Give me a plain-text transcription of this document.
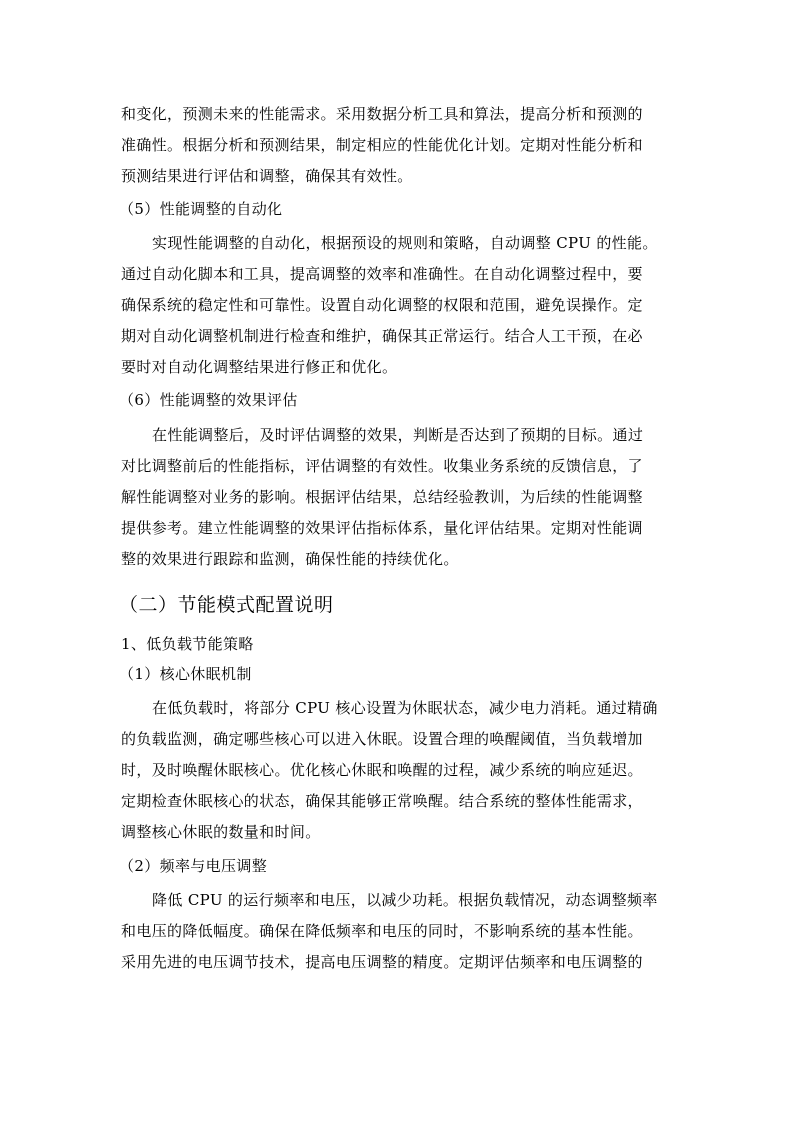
和变化，预测未来的性能需求。采用数据分析工具和算法，提高分析和预测的
准确性。根据分析和预测结果，制定相应的性能优化计划。定期对性能分析和
预测结果进行评估和调整，确保其有效性。
（5）性能调整的自动化
实现性能调整的自动化，根据预设的规则和策略，自动调整 CPU 的性能。
通过自动化脚本和工具，提高调整的效率和准确性。在自动化调整过程中，要
确保系统的稳定性和可靠性。设置自动化调整的权限和范围，避免误操作。定
期对自动化调整机制进行检查和维护，确保其正常运行。结合人工干预，在必
要时对自动化调整结果进行修正和优化。
（6）性能调整的效果评估
在性能调整后，及时评估调整的效果，判断是否达到了预期的目标。通过
对比调整前后的性能指标，评估调整的有效性。收集业务系统的反馈信息，了
解性能调整对业务的影响。根据评估结果，总结经验教训，为后续的性能调整
提供参考。建立性能调整的效果评估指标体系，量化评估结果。定期对性能调
整的效果进行跟踪和监测，确保性能的持续优化。
（二）节能模式配置说明
1、低负载节能策略
（1）核心休眠机制
在低负载时，将部分 CPU 核心设置为休眠状态，减少电力消耗。通过精确
的负载监测，确定哪些核心可以进入休眠。设置合理的唤醒阈值，当负载增加
时，及时唤醒休眠核心。优化核心休眠和唤醒的过程，减少系统的响应延迟。
定期检查休眠核心的状态，确保其能够正常唤醒。结合系统的整体性能需求，
调整核心休眠的数量和时间。
（2）频率与电压调整
降低 CPU 的运行频率和电压，以减少功耗。根据负载情况，动态调整频率
和电压的降低幅度。确保在降低频率和电压的同时，不影响系统的基本性能。
采用先进的电压调节技术，提高电压调整的精度。定期评估频率和电压调整的
